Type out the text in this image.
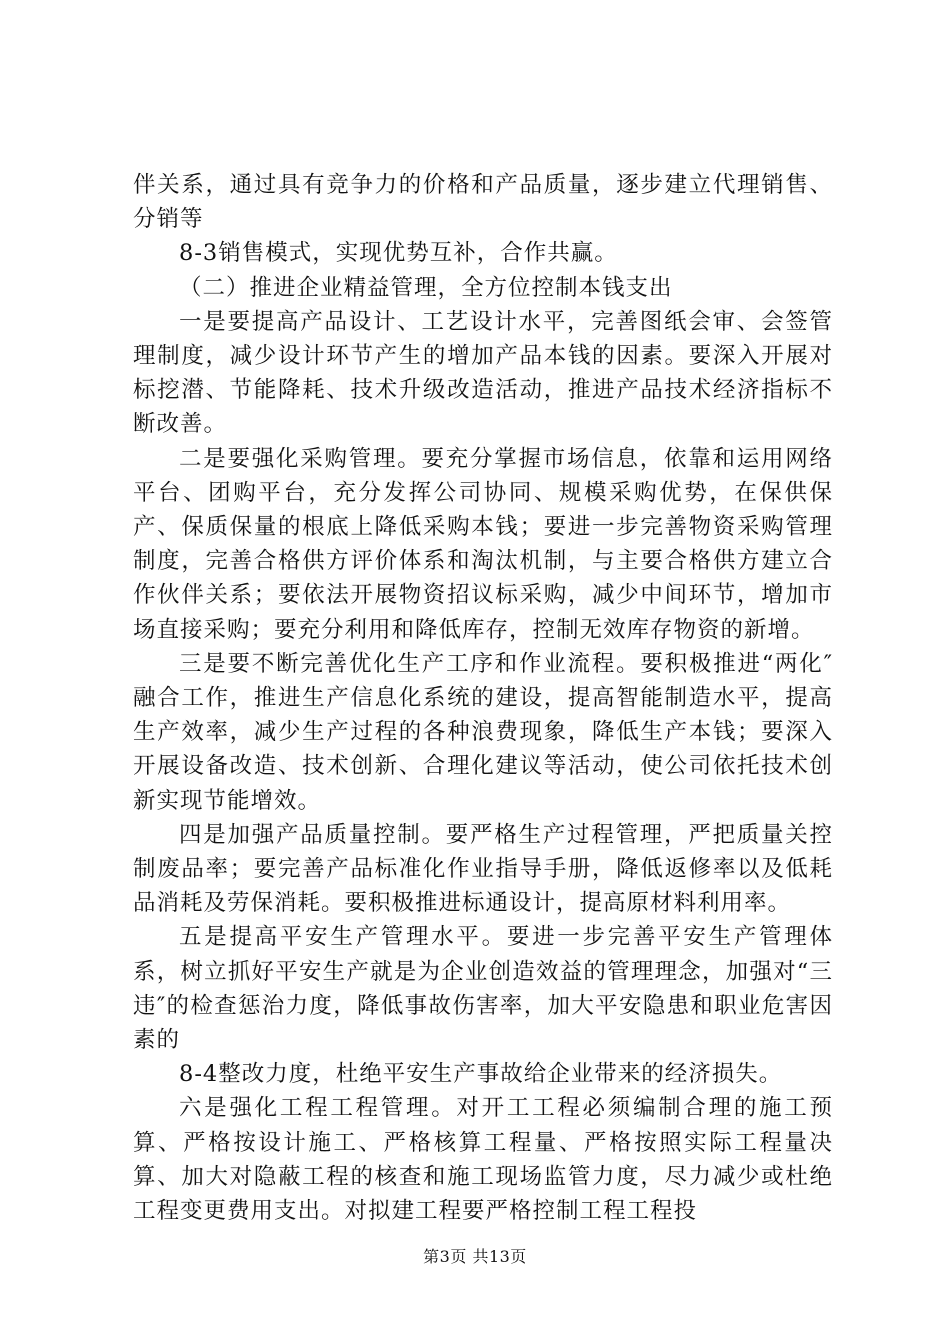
伴关系，通过具有竞争力的价格和产品质量，逐步建立代理销售、分销等

8-3销售模式，实现优势互补，合作共赢。

（二）推进企业精益管理，全方位控制本钱支出

一是要提高产品设计、工艺设计水平，完善图纸会审、会签管理制度，减少设计环节产生的增加产品本钱的因素。要深入开展对标挖潜、节能降耗、技术升级改造活动，推进产品技术经济指标不断改善。

二是要强化采购管理。要充分掌握市场信息，依靠和运用网络平台、团购平台，充分发挥公司协同、规模采购优势，在保供保产、保质保量的根底上降低采购本钱；要进一步完善物资采购管理制度，完善合格供方评价体系和淘汰机制，与主要合格供方建立合作伙伴关系；要依法开展物资招议标采购，减少中间环节，增加市场直接采购；要充分利用和降低库存，控制无效库存物资的新增。

三是要不断完善优化生产工序和作业流程。要积极推进“两化″融合工作，推进生产信息化系统的建设，提高智能制造水平，提高生产效率，减少生产过程的各种浪费现象，降低生产本钱；要深入开展设备改造、技术创新、合理化建议等活动，使公司依托技术创新实现节能增效。

四是加强产品质量控制。要严格生产过程管理，严把质量关控制废品率；要完善产品标准化作业指导手册，降低返修率以及低耗品消耗及劳保消耗。要积极推进标通设计，提高原材料利用率。

五是提高平安生产管理水平。要进一步完善平安生产管理体系，树立抓好平安生产就是为企业创造效益的管理理念，加强对“三违″的检查惩治力度，降低事故伤害率，加大平安隐患和职业危害因素的

8-4整改力度，杜绝平安生产事故给企业带来的经济损失。

六是强化工程工程管理。对开工工程必须编制合理的施工预算、严格按设计施工、严格核算工程量、严格按照实际工程量决算、加大对隐蔽工程的核查和施工现场监管力度，尽力减少或杜绝工程变更费用支出。对拟建工程要严格控制工程工程投

第3页 共13页
